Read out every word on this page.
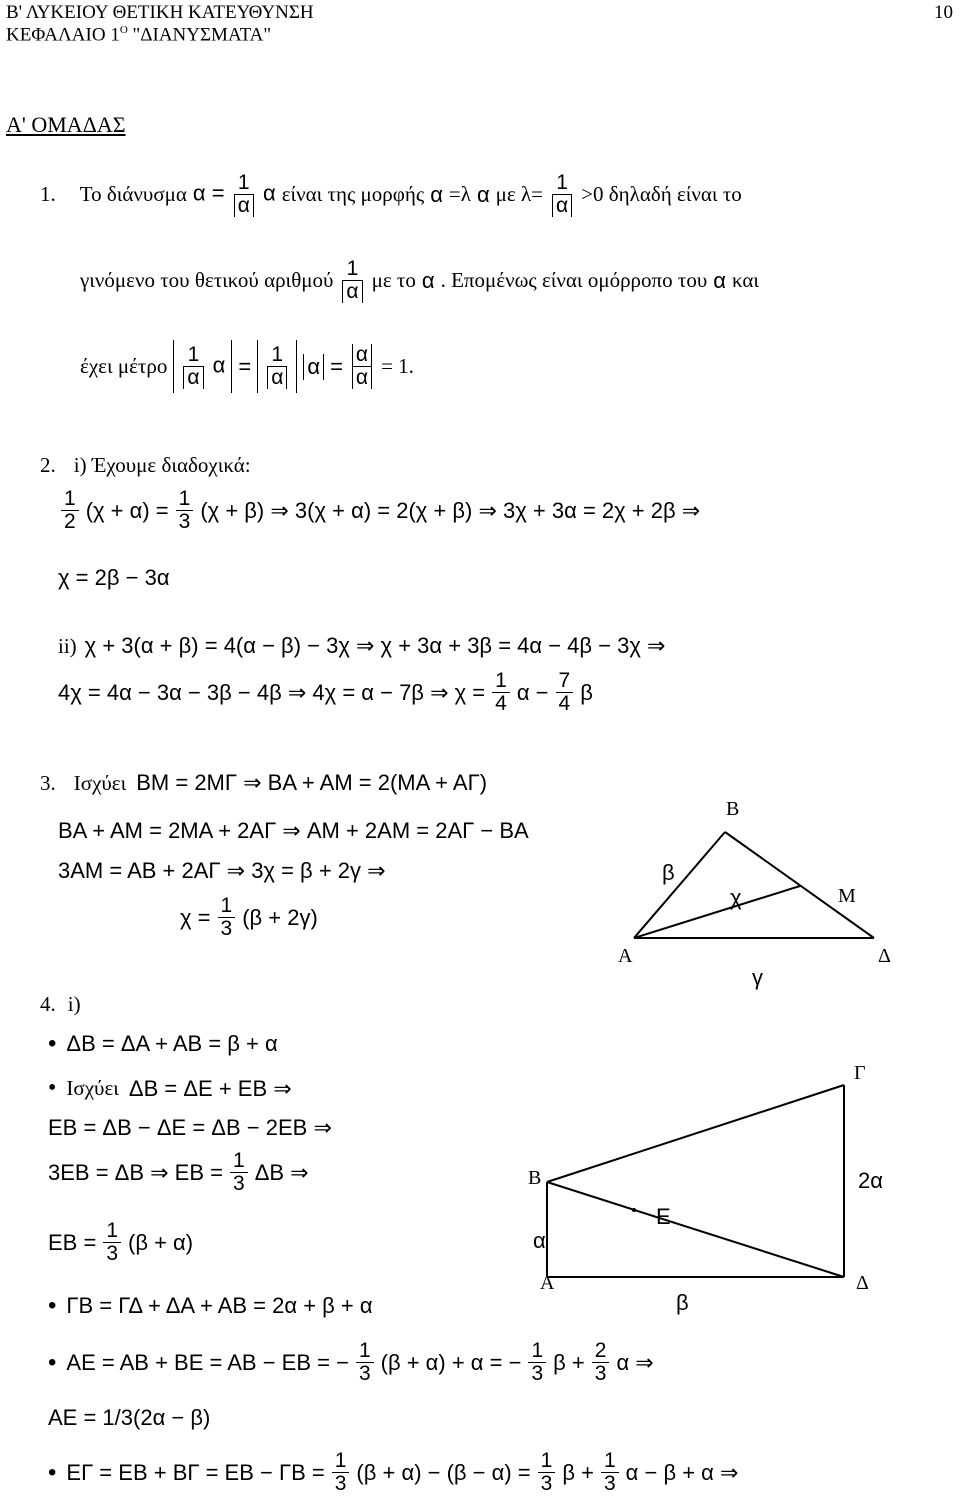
Β' ΛΥΚΕΙΟΥ ΘΕΤΙΚΗ ΚΑΤΕΥΘΥΝΣΗ
ΚΕΦΑΛΑΙΟ $1^O$ "ΔΙΑΝΥΣΜΑΤΑ"
10
Α' ΟΜΑΔΑΣ
1. Το διάνυσμα $\alpha = \frac{1}{\alpha}$ α είναι της μορφής α =λ α με $\lambda= \frac{1}{\alpha} >0$ δηλαδή είναι το
γινόμενο του θετικού αριθμού $\frac{1}{\alpha}$ με το α . Επομένως είναι ομόρροπο του α και
έχει μέτρο $\frac{1}{\alpha}$ $\alpha = \frac{1}{\alpha}$ $\alpha = \frac{\alpha}{\alpha} = 1$.
2. i) Έχουμε διαδοχικά:
$\frac{1}{2} (\chi + \alpha) = \frac{1}{3} (\chi + \beta)$ ⇒ 3(χ + α) = 2(χ + β) ⇒ 3χ + 3α = 2χ + 2β ⇒
χ = 2β − 3α
ii) χ + 3(α + β) = 4(α − β) − 3χ ⇒ χ + 3α + 3β = 4α − 4β − 3χ ⇒
4χ = 4α − 3α − 3β − 4β ⇒ 4χ = α − 7β ⇒ $\chi = \frac{1}{4}$ $\alpha - \frac{7}{4}$ β
3. Ισχύει BM = 2MΓ ⇒ BA + AM = 2(MA + AΓ)
BA + AM = 2MA + 2AΓ ⇒ AM + 2AM = 2AΓ − BA
3AM = AB + 2AΓ ⇒ 3χ = β + 2γ ⇒
$\chi = \frac{1}{3} (\beta + 2\gamma)$
Β
Α
Μ
Δ
β
χ
γ
4. i)
• ΔB = ΔA + AB = β + α
• Ισχύει ΔB = ΔE + EB ⇒
EB = ΔB − ΔE = ΔB − 2EB ⇒
3EB = ΔB ⇒ EB = $\frac{1}{3}$ ΔB ⇒
EB = $\frac{1}{3} (\beta + \alpha)$
• ΓB = ΓΔ + ΔA + AB = 2α + β + α
• AE = AB + BE = AB − EB = − $\frac{1}{3} (\beta + \alpha) + \alpha$ = − $\frac{1}{3}$ $\beta + \frac{2}{3}$ α ⇒
AE = 1/3(2α − β)
• EΓ = EB + BΓ = EB − $\Gamma B = \frac{1}{3} (\beta + \alpha) - (\beta - \alpha) = \frac{1}{3}$ $\beta + \frac{1}{3}$ α − β + α ⇒
Γ
Β
Ε
Α	Δ
2α
α
β
